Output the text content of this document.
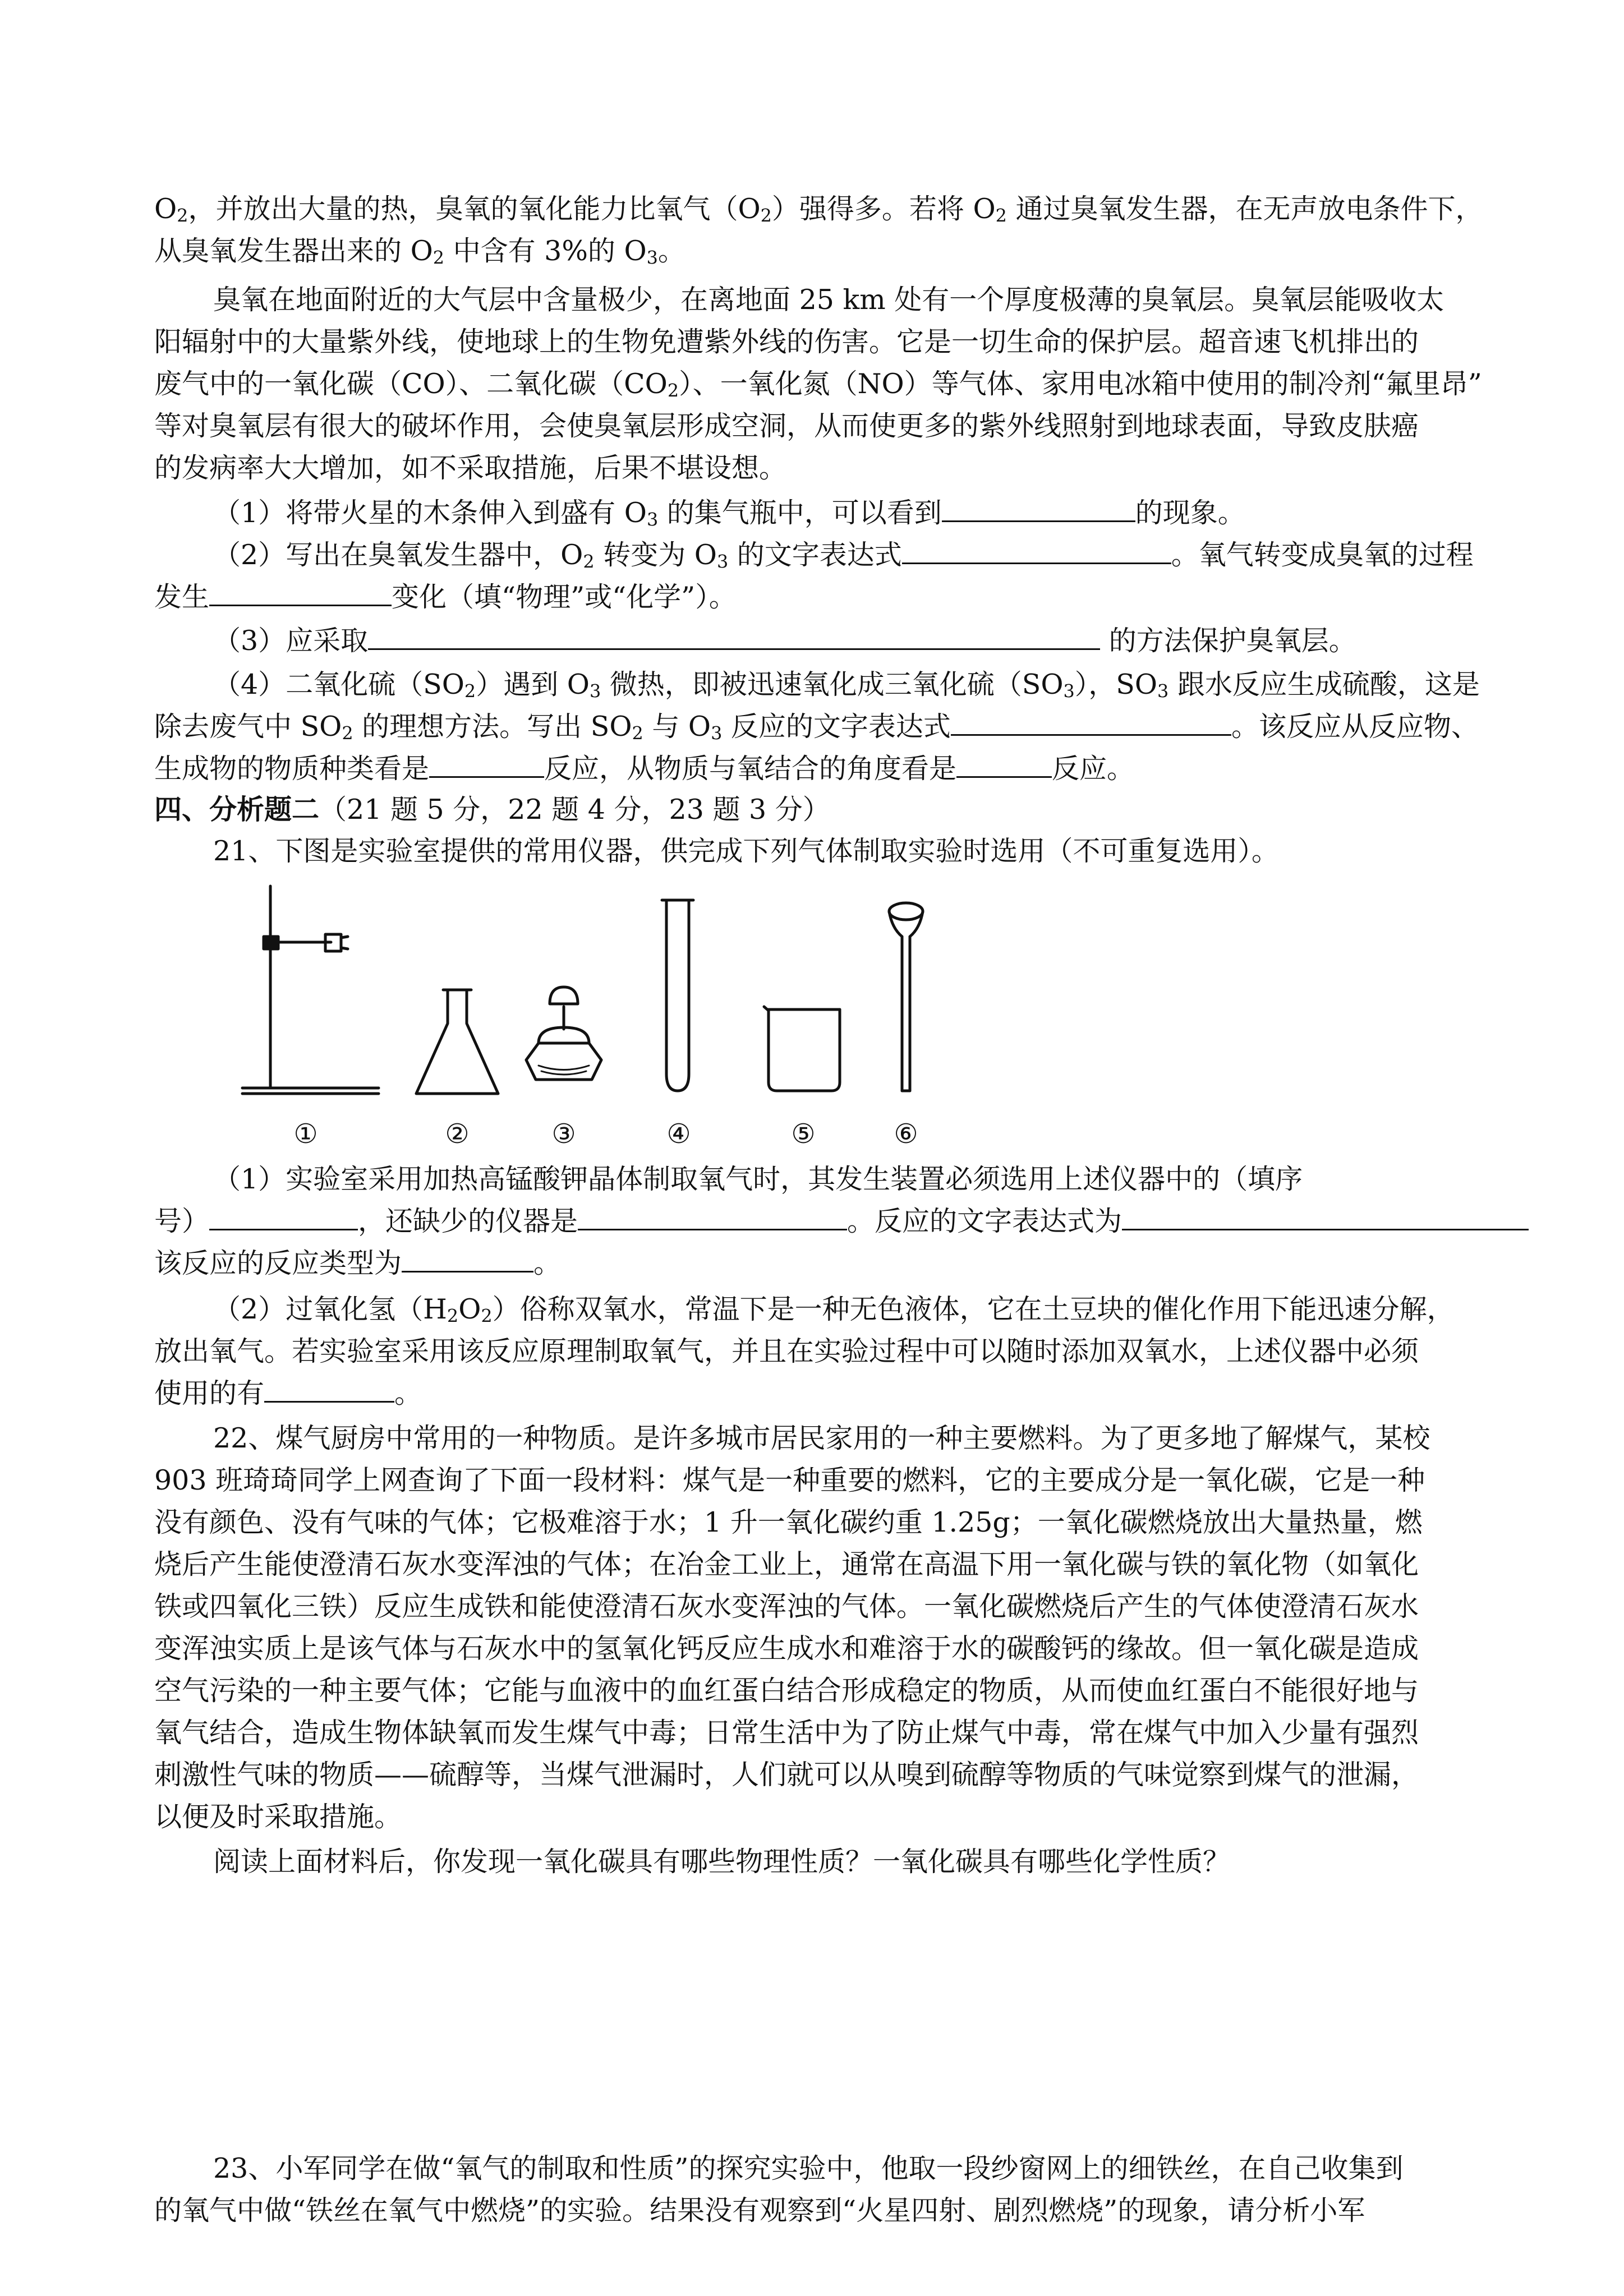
$O_2$，并放出大量的热，臭氧的氧化能力比氧气$(O_2)$强得多。若将 $O_2$ 通过臭氧发生器，在无声放电条件下，
从臭氧发生器出来的 $O_2$ 中含有 3%的 $O_3$。
臭氧在地面附近的大气层中含量极少，在离地面 25 km 处有一个厚度极薄的臭氧层。臭氧层能吸收太
阳辐射中的大量紫外线，使地球上的生物免遭紫外线的伤害。它是一切生命的保护层。超音速飞机排出的
废气中的一氧化碳（CO）、二氧化碳$(CO_2)$、一氧化氮（NO）等气体、家用电冰箱中使用的制冷剂“氟里昂”
等对臭氧层有很大的破坏作用，会使臭氧层形成空洞，从而使更多的紫外线照射到地球表面，导致皮肤癌
的发病率大大增加，如不采取措施，后果不堪设想。
（1）将带火星的木条伸入到盛有 $O_3$ 的集气瓶中，可以看到	的现象。
（2）写出在臭氧发生器中，$O_2$ 转变为 $O_3$ 的文字表达式	。氧气转变成臭氧的过程
发生	变化（填“物理”或“化学”）。
（3）应采取	的方法保护臭氧层。
（4）二氧化硫$(SO_2)$遇到 $O_3$ 微热，即被迅速氧化成三氧化硫$(SO_3)$，$SO_3$ 跟水反应生成硫酸，这是
除去废气中 $SO_2$ 的理想方法。写出 $SO_2$ 与 $O_3$ 反应的文字表达式	。该反应从反应物、
生成物的物质种类看是	反应，从物质与氧结合的角度看是	反应。
四、分析题二（21 题 5 分，22 题 4 分，23 题 3 分）
21、下图是实验室提供的常用仪器，供完成下列气体制取实验时选用（不可重复选用）。
①	②	③	④	⑤	⑥
（1）实验室采用加热高锰酸钾晶体制取氧气时，其发生装置必须选用上述仪器中的（填序
号）	，还缺少的仪器是	。反应的文字表达式为
该反应的反应类型为	。
（2）过氧化氢$(H_2O_2)$俗称双氧水，常温下是一种无色液体，它在土豆块的催化作用下能迅速分解，
放出氧气。若实验室采用该反应原理制取氧气，并且在实验过程中可以随时添加双氧水，上述仪器中必须
使用的有	。
22、煤气厨房中常用的一种物质。是许多城市居民家用的一种主要燃料。为了更多地了解煤气，某校
903 班琦琦同学上网查询了下面一段材料：煤气是一种重要的燃料，它的主要成分是一氧化碳，它是一种
没有颜色、没有气味的气体；它极难溶于水；1 升一氧化碳约重 1.25g；一氧化碳燃烧放出大量热量，燃
烧后产生能使澄清石灰水变浑浊的气体；在冶金工业上，通常在高温下用一氧化碳与铁的氧化物（如氧化
铁或四氧化三铁）反应生成铁和能使澄清石灰水变浑浊的气体。一氧化碳燃烧后产生的气体使澄清石灰水
变浑浊实质上是该气体与石灰水中的氢氧化钙反应生成水和难溶于水的碳酸钙的缘故。但一氧化碳是造成
空气污染的一种主要气体；它能与血液中的血红蛋白结合形成稳定的物质，从而使血红蛋白不能很好地与
氧气结合，造成生物体缺氧而发生煤气中毒；日常生活中为了防止煤气中毒，常在煤气中加入少量有强烈
刺激性气味的物质——硫醇等，当煤气泄漏时，人们就可以从嗅到硫醇等物质的气味觉察到煤气的泄漏，
以便及时采取措施。
阅读上面材料后，你发现一氧化碳具有哪些物理性质？一氧化碳具有哪些化学性质？
23、小军同学在做“氧气的制取和性质”的探究实验中，他取一段纱窗网上的细铁丝，在自己收集到
的氧气中做“铁丝在氧气中燃烧”的实验。结果没有观察到“火星四射、剧烈燃烧”的现象，请分析小军
